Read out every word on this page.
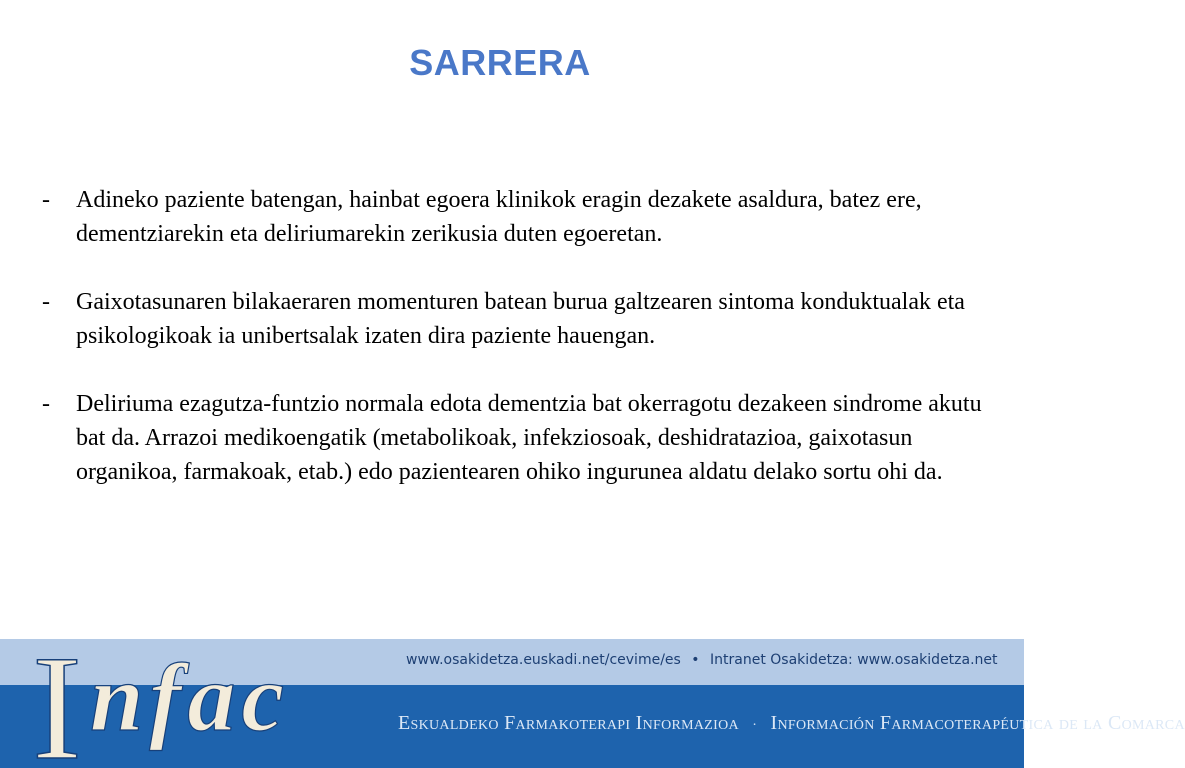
SARRERA
- Adineko paziente batengan, hainbat egoera klinikok eragin dezakete asaldura, batez ere, dementziarekin eta deliriumarekin zerikusia duten egoeretan.
- Gaixotasunaren bilakaeraren momenturen batean burua galtzearen sintoma konduktualak eta psikologikoak ia unibertsalak izaten dira paziente hauengan.
- Deliriuma ezagutza-funtzio normala edota dementzia bat okerragotu dezakeen sindrome akutu bat da. Arrazoi medikoengatik (metabolikoak, infekziosoak, deshidratazioa, gaixotasun organikoa, farmakoak, etab.) edo pazientearen ohiko ingurunea aldatu delako sortu ohi da.
I nfac	www.osakidetza.euskadi.net/cevime/es • Intranet Osakidetza: www.osakidetza.net
Eskualdeko Farmakoterapi Informazioa · Información Farmacoterapéutica de la Comarca
